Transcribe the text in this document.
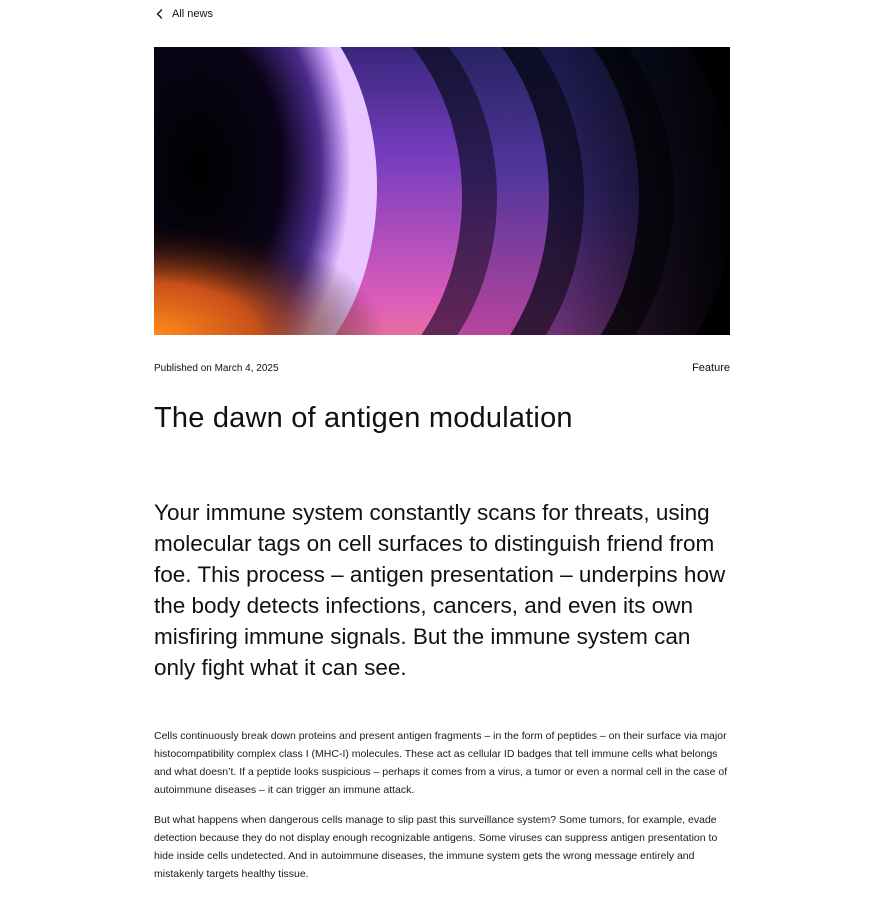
All news
Published on March 4, 2025	Feature
The dawn of antigen modulation

Your immune system constantly scans for threats, using molecular tags on cell surfaces to distinguish friend from foe. This process – antigen presentation – underpins how the body detects infections, cancers, and even its own misfiring immune signals. But the immune system can only fight what it can see.

Cells continuously break down proteins and present antigen fragments – in the form of peptides – on their surface via major histocompatibility complex class I (MHC-I) molecules. These act as cellular ID badges that tell immune cells what belongs and what doesn’t. If a peptide looks suspicious – perhaps it comes from a virus, a tumor or even a normal cell in the case of autoimmune diseases – it can trigger an immune attack.

But what happens when dangerous cells manage to slip past this surveillance system? Some tumors, for example, evade detection because they do not display enough recognizable antigens. Some viruses can suppress antigen presentation to hide inside cells undetected. And in autoimmune diseases, the immune system gets the wrong message entirely and mistakenly targets healthy tissue.
